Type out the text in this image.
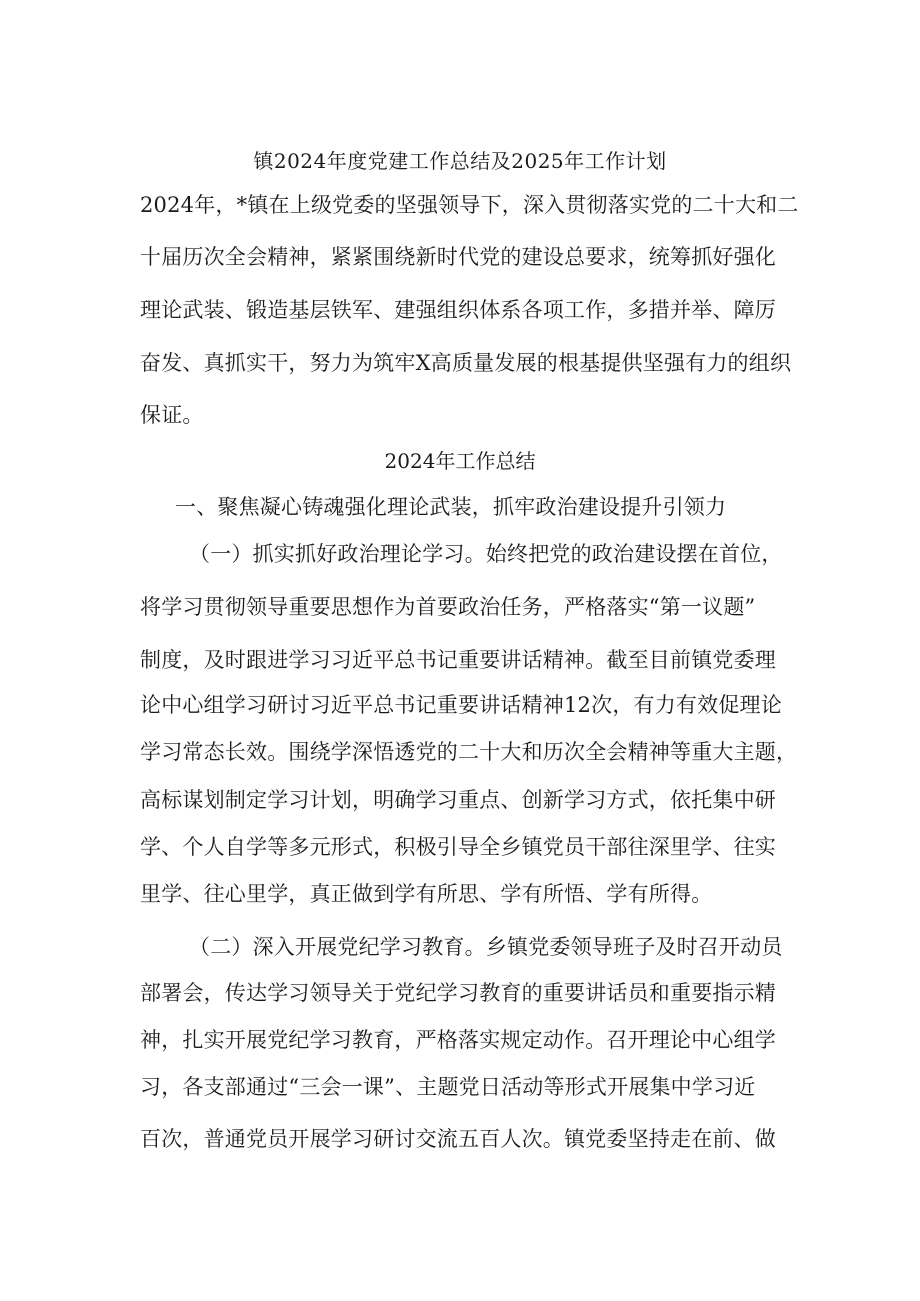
镇2024年度党建工作总结及2025年工作计划
2024年，*镇在上级党委的坚强领导下，深入贯彻落实党的二十大和二
十届历次全会精神，紧紧围绕新时代党的建设总要求，统筹抓好强化
理论武装、锻造基层铁军、建强组织体系各项工作，多措并举、障厉
奋发、真抓实干，努力为筑牢X高质量发展的根基提供坚强有力的组织
保证。
2024年工作总结
一、聚焦凝心铸魂强化理论武装，抓牢政治建设提升引领力
（一）抓实抓好政治理论学习。始终把党的政治建设摆在首位，
将学习贯彻领导重要思想作为首要政治任务，严格落实“第一议题”
制度，及时跟进学习习近平总书记重要讲话精神。截至目前镇党委理
论中心组学习研讨习近平总书记重要讲话精神12次，有力有效促理论
学习常态长效。围绕学深悟透党的二十大和历次全会精神等重大主题，
高标谋划制定学习计划，明确学习重点、创新学习方式，依托集中研
学、个人自学等多元形式，积极引导全乡镇党员干部往深里学、往实
里学、往心里学，真正做到学有所思、学有所悟、学有所得。
（二）深入开展党纪学习教育。乡镇党委领导班子及时召开动员
部署会，传达学习领导关于党纪学习教育的重要讲话员和重要指示精
神，扎实开展党纪学习教育，严格落实规定动作。召开理论中心组学
习，各支部通过“三会一课”、主题党日活动等形式开展集中学习近
百次，普通党员开展学习研讨交流五百人次。镇党委坚持走在前、做
